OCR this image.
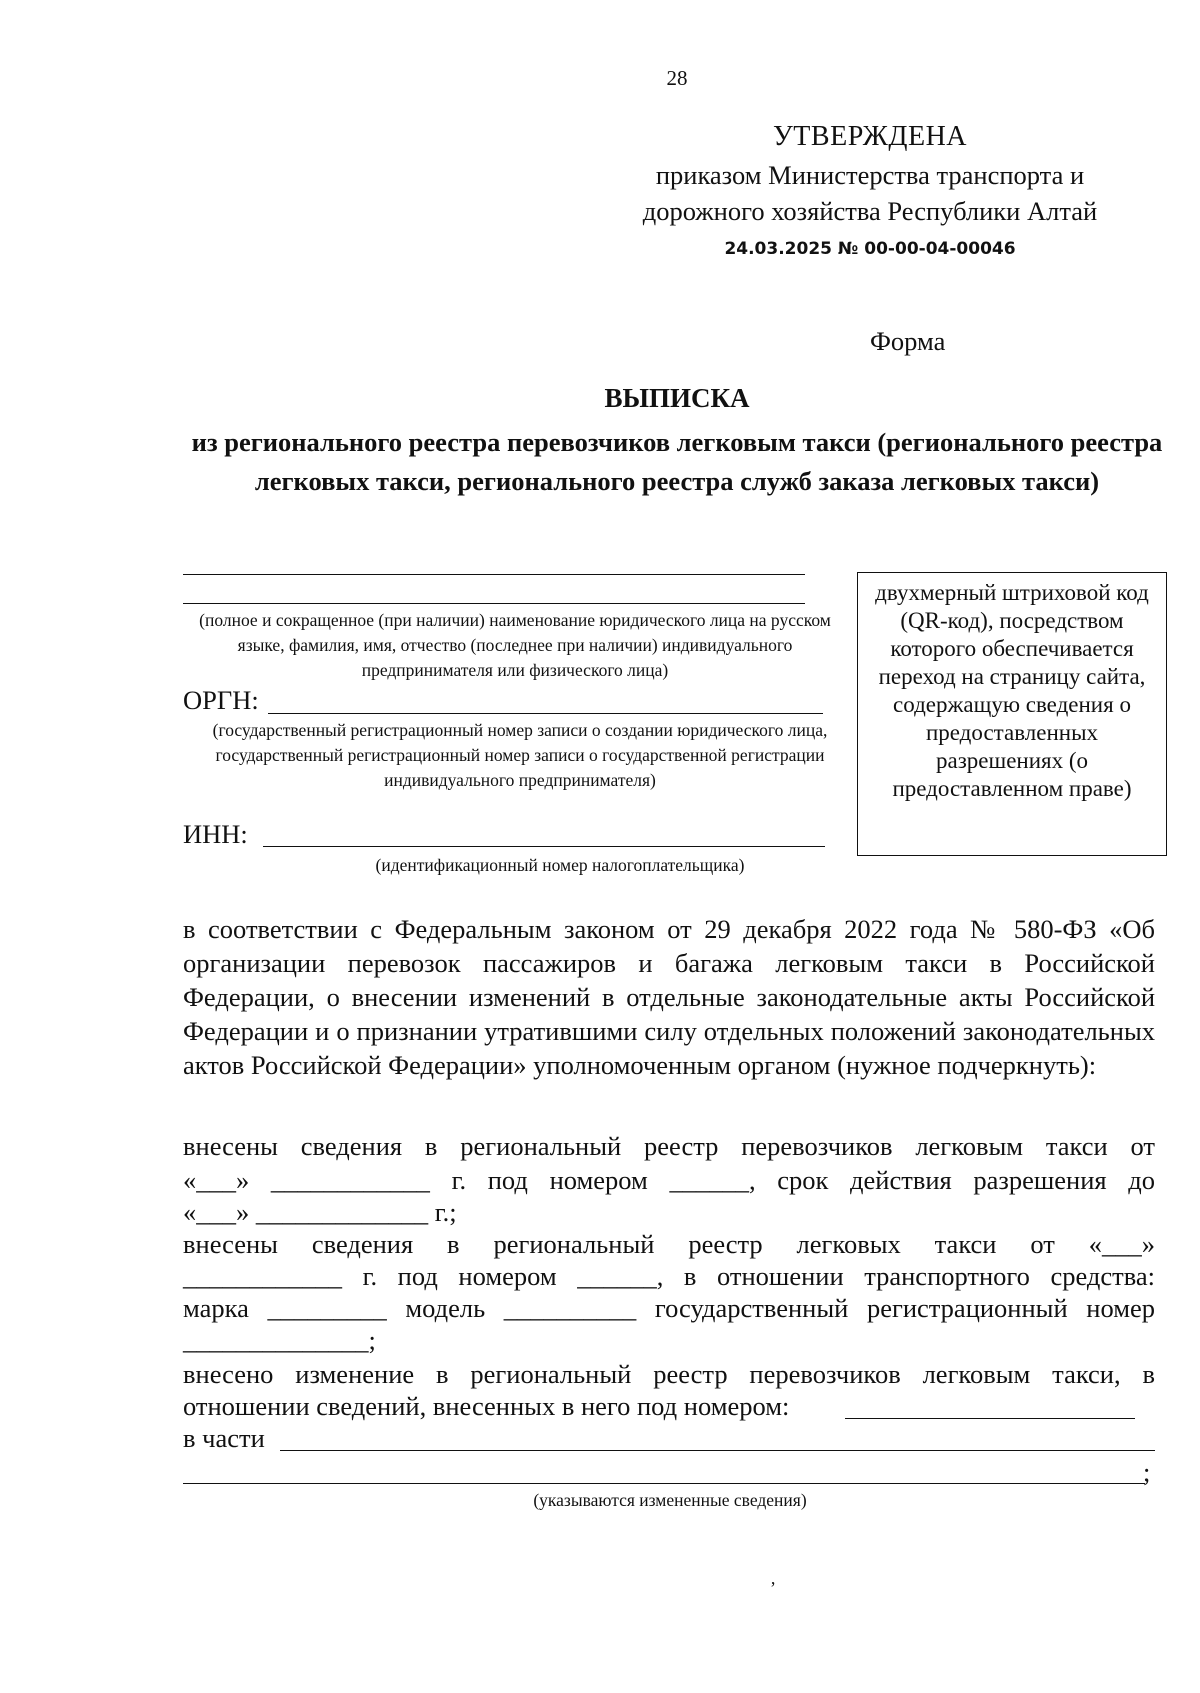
28
УТВЕРЖДЕНА
приказом Министерства транспорта и
дорожного хозяйства Республики Алтай
24.03.2025 № 00-00-04-00046
Форма
ВЫПИСКА
из регионального реестра перевозчиков легковым такси (регионального реестра легковых такси, регионального реестра служб заказа легковых такси)
(полное и сокращенное (при наличии) наименование юридического лица на русском языке, фамилия, имя, отчество (последнее при наличии) индивидуального предпринимателя или физического лица)
ОРГН:
(государственный регистрационный номер записи о создании юридического лица, государственный регистрационный номер записи о государственной регистрации индивидуального предпринимателя)
ИНН:
(идентификационный номер налогоплательщика)
двухмерный штриховой код (QR-код), посредством которого обеспечивается переход на страницу сайта, содержащую сведения о предоставленных разрешениях (о предоставленном праве)
в соответствии с Федеральным законом от 29 декабря 2022 года № 580-ФЗ «Об организации перевозок пассажиров и багажа легковым такси в Российской Федерации, о внесении изменений в отдельные законодательные акты Российской Федерации и о признании утратившими силу отдельных положений законодательных актов Российской Федерации» уполномоченным органом (нужное подчеркнуть):
внесены сведения в региональный реестр перевозчиков легковым такси от
«___» ____________ г. под номером ______, срок действия разрешения до
«___» _____________ г.;
внесены сведения в региональный реестр легковых такси от «___»
____________ г. под номером ______, в отношении транспортного средства:
марка _________ модель __________ государственный регистрационный номер
______________;
внесено изменение в региональный реестр перевозчиков легковым такси, в
отношении сведений, внесенных в него под номером:
в части
;
(указываются измененные сведения)
‚
